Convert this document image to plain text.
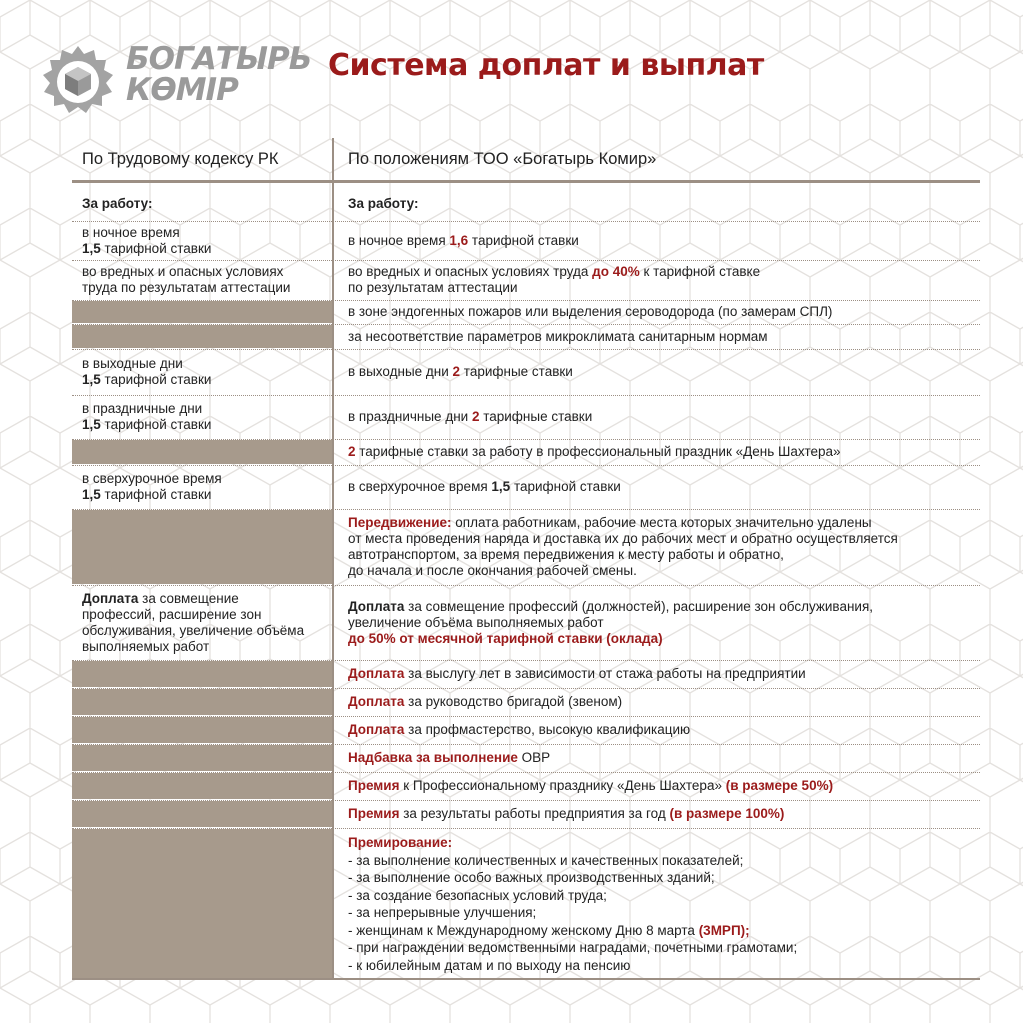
БОГАТЫРЬ
КӨМІР
Система доплат и выплат
По Трудовому кодексу РК	По положениям ТОО «Богатырь Комир»
За работу:	За работу:
в ночное время
1,5 тарифной ставки
в ночное время 1,6 тарифной ставки
во вредных и опасных условиях
труда по результатам аттестации
во вредных и опасных условиях труда до 40% к тарифной ставке
по результатам аттестации
в зоне эндогенных пожаров или выделения сероводорода (по замерам СПЛ)
за несоответствие параметров микроклимата санитарным нормам
в выходные дни
1,5 тарифной ставки
в выходные дни 2 тарифные ставки
в праздничные дни
1,5 тарифной ставки
в праздничные дни 2 тарифные ставки
2 тарифные ставки за работу в профессиональный праздник «День Шахтера»
в сверхурочное время
1,5 тарифной ставки
в сверхурочное время 1,5 тарифной ставки
Передвижение: оплата работникам, рабочие места которых значительно удалены
от места проведения наряда и доставка их до рабочих мест и обратно осуществляется
автотранспортом, за время передвижения к месту работы и обратно,
до начала и после окончания рабочей смены.
Доплата за совмещение
профессий, расширение зон
обслуживания, увеличение объёма
выполняемых работ
Доплата за совмещение профессий (должностей), расширение зон обслуживания,
увеличение объёма выполняемых работ
до 50% от месячной тарифной ставки (оклада)
Доплата за выслугу лет в зависимости от стажа работы на предприятии
Доплата за руководство бригадой (звеном)
Доплата за профмастерство, высокую квалификацию
Надбавка за выполнение ОВР
Премия к Профессиональному празднику «День Шахтера» (в размере 50%)
Премия за результаты работы предприятия за год (в размере 100%)
Премирование:
- за выполнение количественных и качественных показателей;
- за выполнение особо важных производственных зданий;
- за создание безопасных условий труда;
- за непрерывные улучшения;
- женщинам к Международному женскому Дню 8 марта (3МРП);
- при награждении ведомственными наградами, почетными грамотами;
- к юбилейным датам и по выходу на пенсию
